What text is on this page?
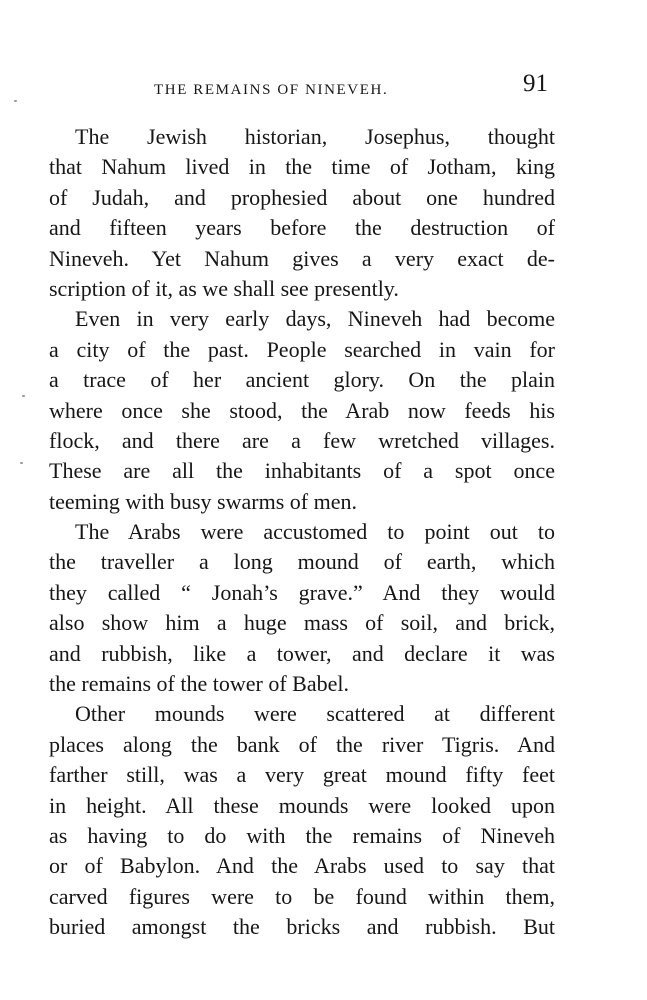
THE REMAINS OF NINEVEH.	91

The Jewish historian, Josephus, thought
that Nahum lived in the time of Jotham, king
of Judah, and prophesied about one hundred
and fifteen years before the destruction of
Nineveh. Yet Nahum gives a very exact de-
scription of it, as we shall see presently.

Even in very early days, Nineveh had become
a city of the past. People searched in vain for
a trace of her ancient glory. On the plain
where once she stood, the Arab now feeds his
flock, and there are a few wretched villages.
These are all the inhabitants of a spot once
teeming with busy swarms of men.

The Arabs were accustomed to point out to
the traveller a long mound of earth, which
they called “ Jonah’s grave.” And they would
also show him a huge mass of soil, and brick,
and rubbish, like a tower, and declare it was
the remains of the tower of Babel.

Other mounds were scattered at different
places along the bank of the river Tigris. And
farther still, was a very great mound fifty feet
in height. All these mounds were looked upon
as having to do with the remains of Nineveh
or of Babylon. And the Arabs used to say that
carved figures were to be found within them,
buried amongst the bricks and rubbish. But
